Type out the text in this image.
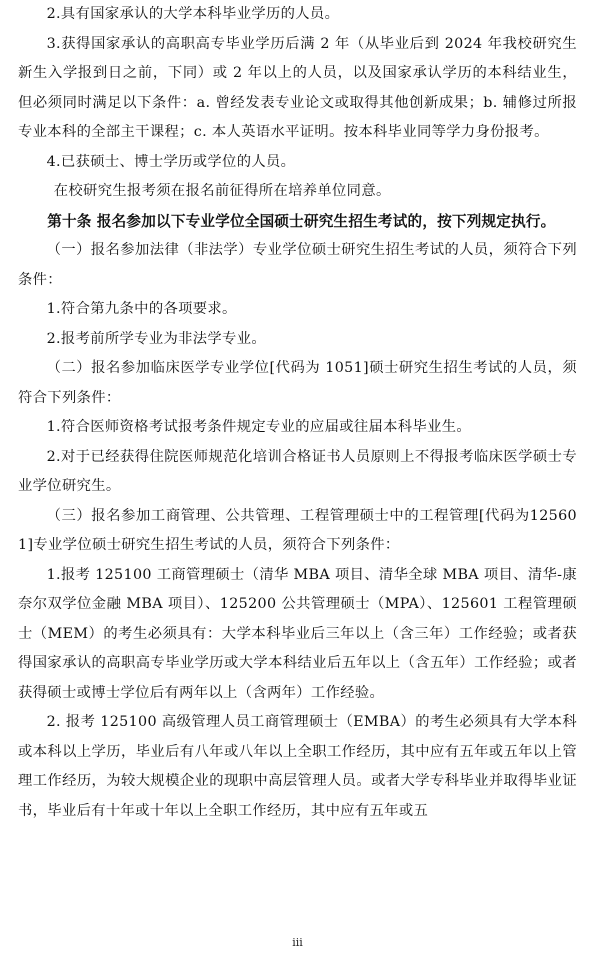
2.具有国家承认的大学本科毕业学历的人员。

3.获得国家承认的高职高专毕业学历后满 2 年（从毕业后到 2024 年我校研究生新生入学报到日之前，下同）或 2 年以上的人员，以及国家承认学历的本科结业生，但必须同时满足以下条件：a. 曾经发表专业论文或取得其他创新成果；b. 辅修过所报专业本科的全部主干课程；c. 本人英语水平证明。按本科毕业同等学力身份报考。

4.已获硕士、博士学历或学位的人员。

在校研究生报考须在报名前征得所在培养单位同意。

第十条 报名参加以下专业学位全国硕士研究生招生考试的，按下列规定执行。

（一）报名参加法律（非法学）专业学位硕士研究生招生考试的人员，须符合下列条件：

1.符合第九条中的各项要求。

2.报考前所学专业为非法学专业。

（二）报名参加临床医学专业学位[代码为 1051]硕士研究生招生考试的人员，须符合下列条件：

1.符合医师资格考试报考条件规定专业的应届或往届本科毕业生。

2.对于已经获得住院医师规范化培训合格证书人员原则上不得报考临床医学硕士专业学位研究生。

（三）报名参加工商管理、公共管理、工程管理硕士中的工程管理[代码为125601]专业学位硕士研究生招生考试的人员，须符合下列条件：

1.报考 125100 工商管理硕士（清华 MBA 项目、清华全球 MBA 项目、清华-康奈尔双学位金融 MBA 项目）、125200 公共管理硕士（MPA）、125601 工程管理硕士（MEM）的考生必须具有：大学本科毕业后三年以上（含三年）工作经验；或者获得国家承认的高职高专毕业学历或大学本科结业后五年以上（含五年）工作经验；或者获得硕士或博士学位后有两年以上（含两年）工作经验。

2. 报考 125100 高级管理人员工商管理硕士（EMBA）的考生必须具有大学本科或本科以上学历，毕业后有八年或八年以上全职工作经历，其中应有五年或五年以上管理工作经历，为较大规模企业的现职中高层管理人员。或者大学专科毕业并取得毕业证书，毕业后有十年或十年以上全职工作经历，其中应有五年或五

iii
